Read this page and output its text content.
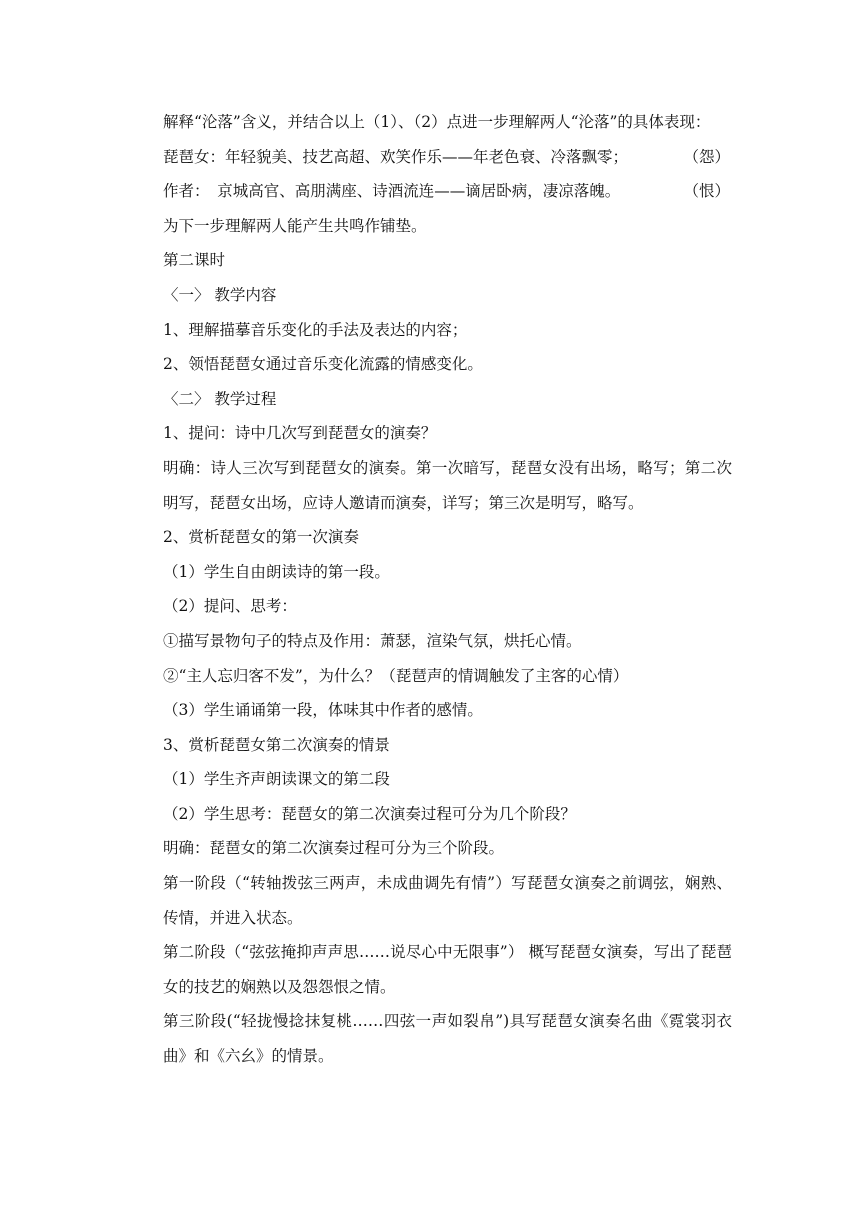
解释“沦落”含义，并结合以上（1）、（2）点进一步理解两人“沦落”的具体表现：

琵琶女：年轻貌美、技艺高超、欢笑作乐——年老色衰、冷落飘零；	（怨）
作者：　京城高官、高朋满座、诗酒流连——谪居卧病，凄凉落魄。	（恨）

为下一步理解两人能产生共鸣作铺垫。

第二课时

〈一〉 教学内容

1、理解描摹音乐变化的手法及表达的内容；

2、领悟琵琶女通过音乐变化流露的情感变化。

〈二〉 教学过程

1、提问：诗中几次写到琵琶女的演奏？

明确：诗人三次写到琵琶女的演奏。第一次暗写，琵琶女没有出场，略写；第二次明写，琵琶女出场，应诗人邀请而演奏，详写；第三次是明写，略写。

2、赏析琵琶女的第一次演奏

（1）学生自由朗读诗的第一段。

（2）提问、思考：

①描写景物句子的特点及作用：萧瑟，渲染气氛，烘托心情。

②“主人忘归客不发”，为什么？（琵琶声的情调触发了主客的心情）

（3）学生诵诵第一段，体味其中作者的感情。

3、赏析琵琶女第二次演奏的情景

（1）学生齐声朗读课文的第二段

（2）学生思考：琵琶女的第二次演奏过程可分为几个阶段？

明确：琵琶女的第二次演奏过程可分为三个阶段。

第一阶段（“转轴拨弦三两声，未成曲调先有情”）写琵琶女演奏之前调弦，娴熟、传情，并进入状态。

第二阶段（“弦弦掩抑声声思……说尽心中无限事”） 概写琵琶女演奏，写出了琵琶女的技艺的娴熟以及怨怨恨之情。

第三阶段(“轻拢慢捻抹复桃……四弦一声如裂帛”)具写琵琶女演奏名曲《霓裳羽衣曲》和《六幺》的情景。
